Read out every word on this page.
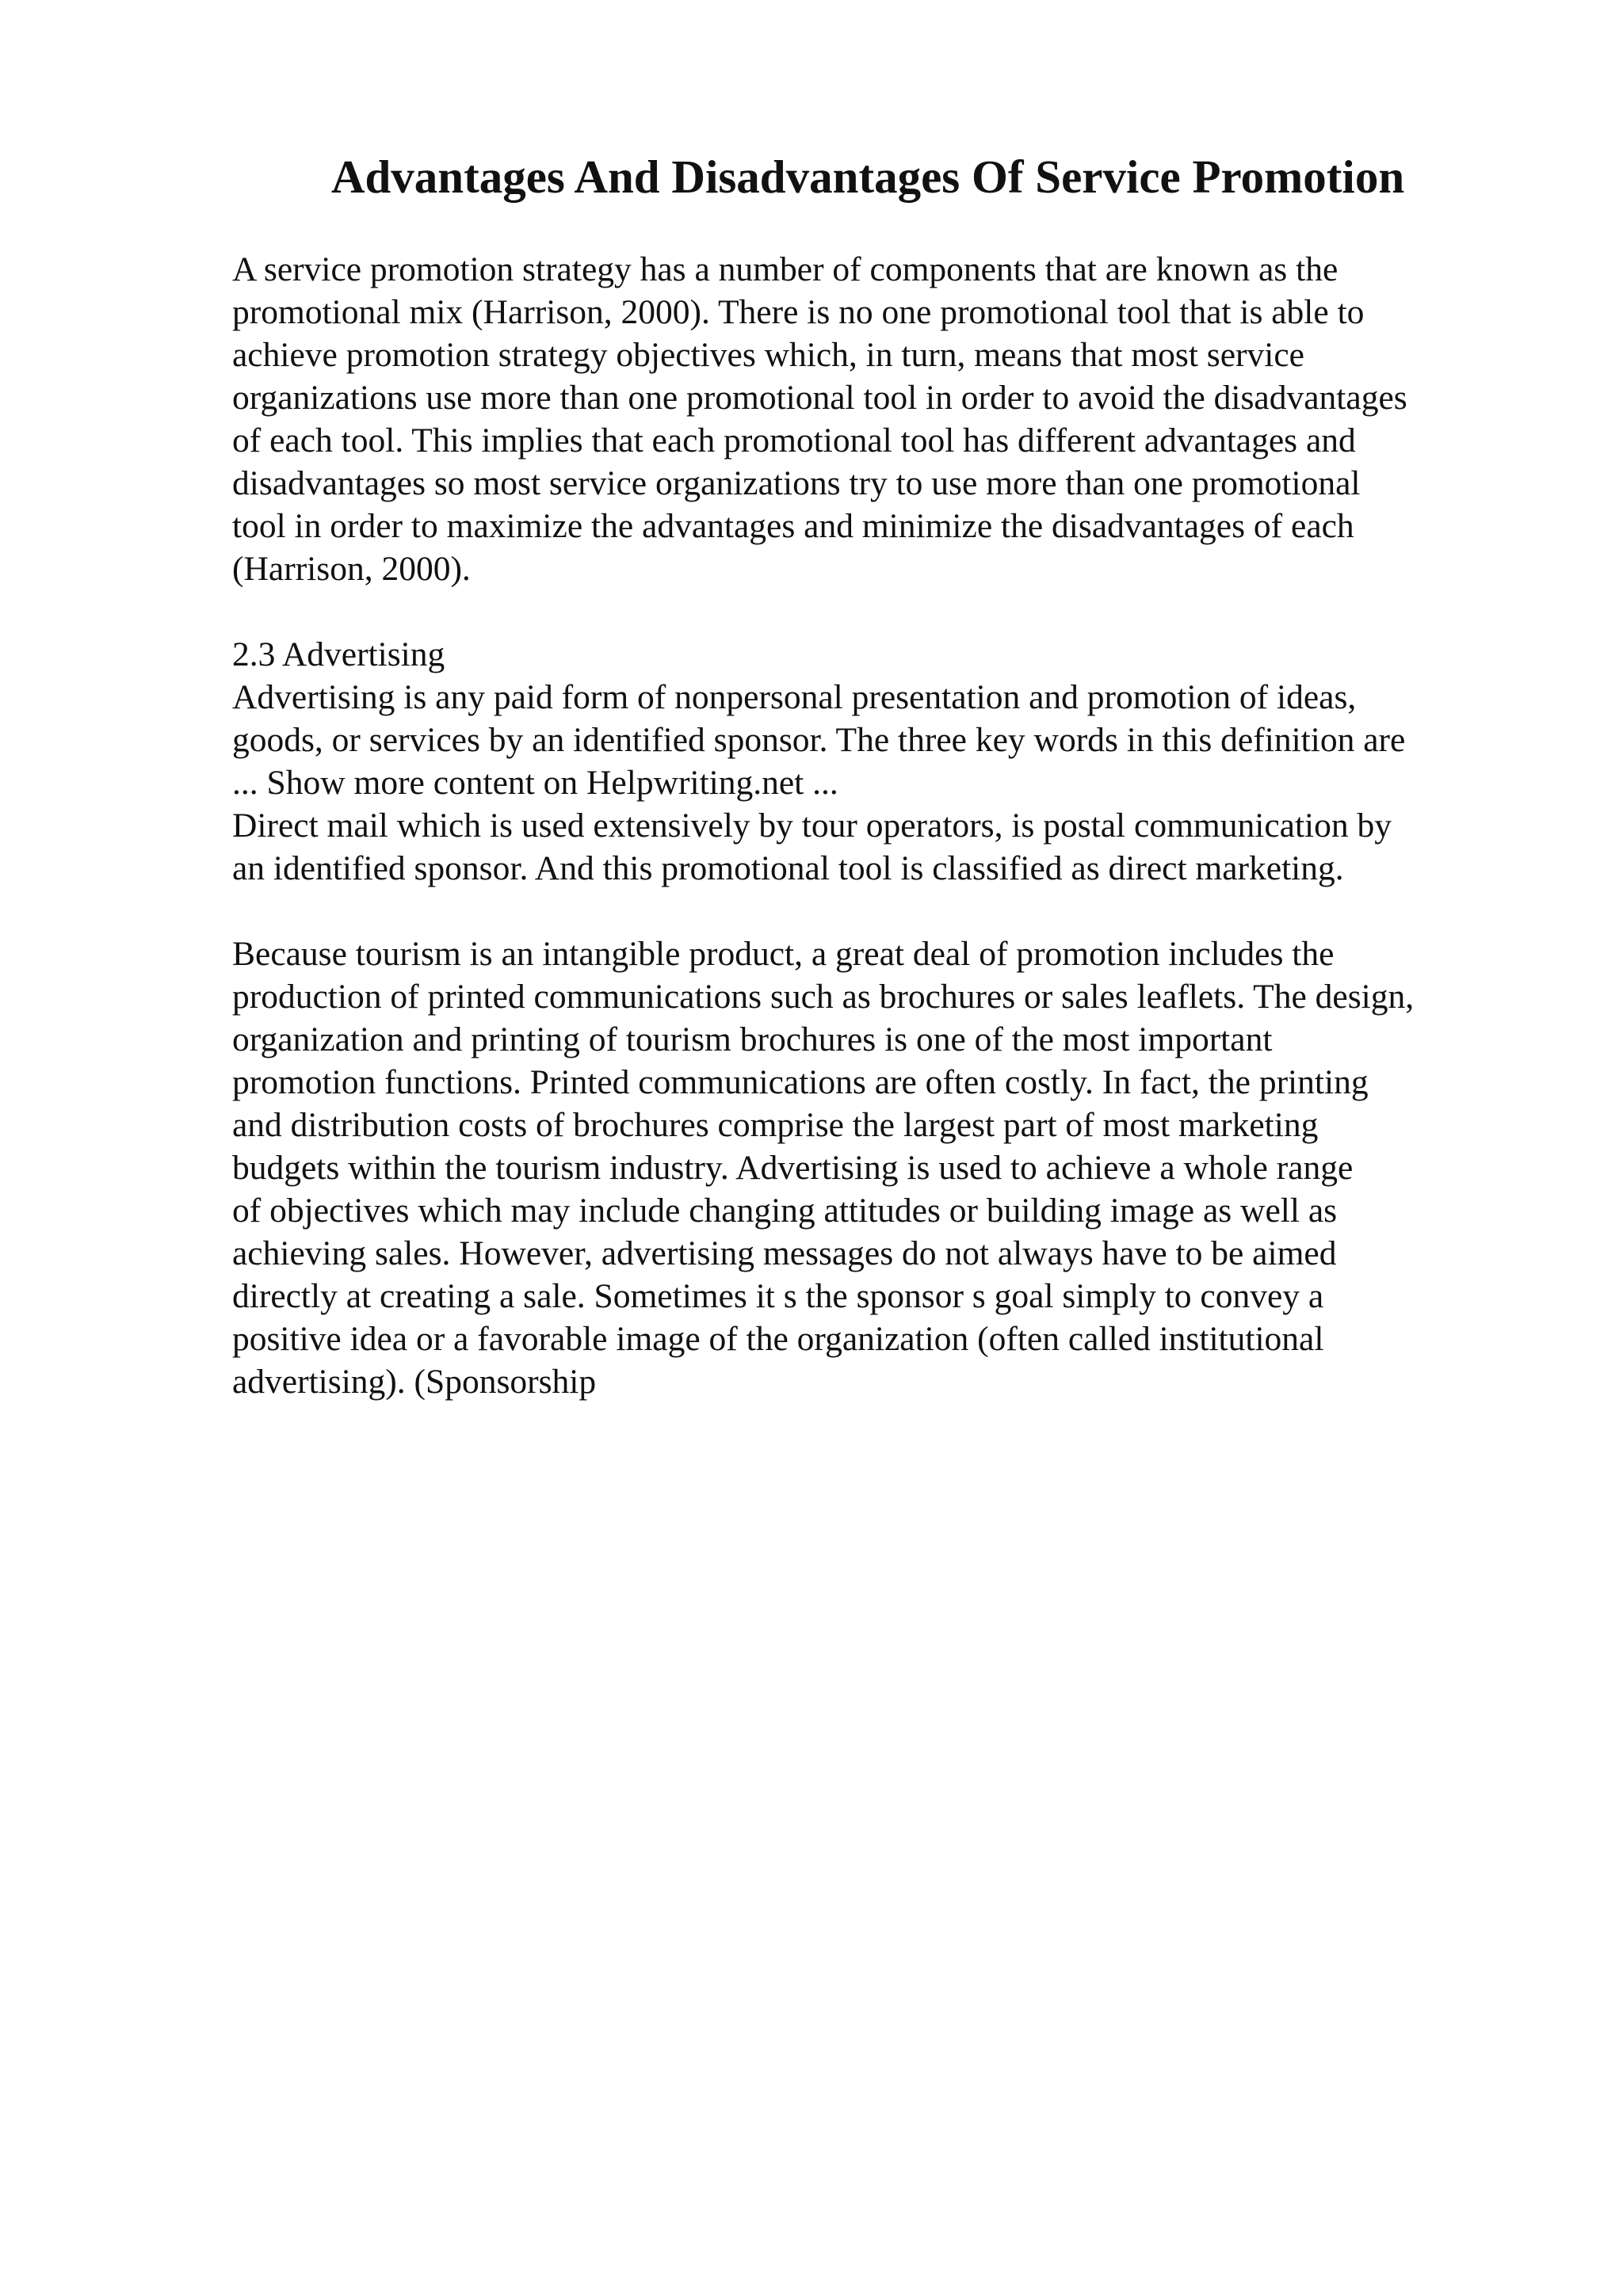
Advantages And Disadvantages Of Service Promotion

A service promotion strategy has a number of components that are known as the
promotional mix (Harrison, 2000). There is no one promotional tool that is able to
achieve promotion strategy objectives which, in turn, means that most service
organizations use more than one promotional tool in order to avoid the disadvantages
of each tool. This implies that each promotional tool has different advantages and
disadvantages so most service organizations try to use more than one promotional
tool in order to maximize the advantages and minimize the disadvantages of each
(Harrison, 2000).

2.3 Advertising
Advertising is any paid form of nonpersonal presentation and promotion of ideas,
goods, or services by an identified sponsor. The three key words in this definition are
... Show more content on Helpwriting.net ...
Direct mail which is used extensively by tour operators, is postal communication by
an identified sponsor. And this promotional tool is classified as direct marketing.

Because tourism is an intangible product, a great deal of promotion includes the
production of printed communications such as brochures or sales leaflets. The design,
organization and printing of tourism brochures is one of the most important
promotion functions. Printed communications are often costly. In fact, the printing
and distribution costs of brochures comprise the largest part of most marketing
budgets within the tourism industry. Advertising is used to achieve a whole range
of objectives which may include changing attitudes or building image as well as
achieving sales. However, advertising messages do not always have to be aimed
directly at creating a sale. Sometimes it s the sponsor s goal simply to convey a
positive idea or a favorable image of the organization (often called institutional
advertising). (Sponsorship
